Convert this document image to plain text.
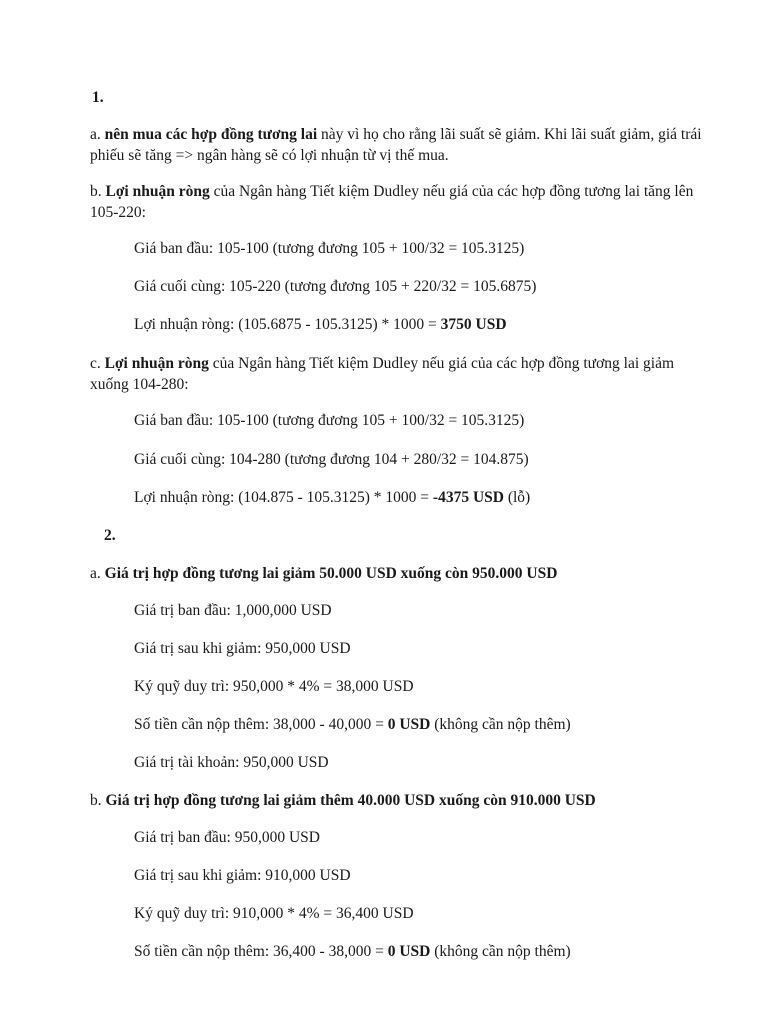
1.
a. nên mua các hợp đồng tương lai này vì họ cho rằng lãi suất sẽ giảm. Khi lãi suất giảm, giá trái phiếu sẽ tăng => ngân hàng sẽ có lợi nhuận từ vị thế mua.
b. Lợi nhuận ròng của Ngân hàng Tiết kiệm Dudley nếu giá của các hợp đồng tương lai tăng lên 105-220:
Giá ban đầu: 105-100 (tương đương 105 + 100/32 = 105.3125)
Giá cuối cùng: 105-220 (tương đương 105 + 220/32 = 105.6875)
Lợi nhuận ròng: (105.6875 - 105.3125) * 1000 = 3750 USD
c. Lợi nhuận ròng của Ngân hàng Tiết kiệm Dudley nếu giá của các hợp đồng tương lai giảm xuống 104-280:
Giá ban đầu: 105-100 (tương đương 105 + 100/32 = 105.3125)
Giá cuối cùng: 104-280 (tương đương 104 + 280/32 = 104.875)
Lợi nhuận ròng: (104.875 - 105.3125) * 1000 = -4375 USD (lỗ)
2.
a. Giá trị hợp đồng tương lai giảm 50.000 USD xuống còn 950.000 USD
Giá trị ban đầu: 1,000,000 USD
Giá trị sau khi giảm: 950,000 USD
Ký quỹ duy trì: 950,000 * 4% = 38,000 USD
Số tiền cần nộp thêm: 38,000 - 40,000 = 0 USD (không cần nộp thêm)
Giá trị tài khoản: 950,000 USD
b. Giá trị hợp đồng tương lai giảm thêm 40.000 USD xuống còn 910.000 USD
Giá trị ban đầu: 950,000 USD
Giá trị sau khi giảm: 910,000 USD
Ký quỹ duy trì: 910,000 * 4% = 36,400 USD
Số tiền cần nộp thêm: 36,400 - 38,000 = 0 USD (không cần nộp thêm)
